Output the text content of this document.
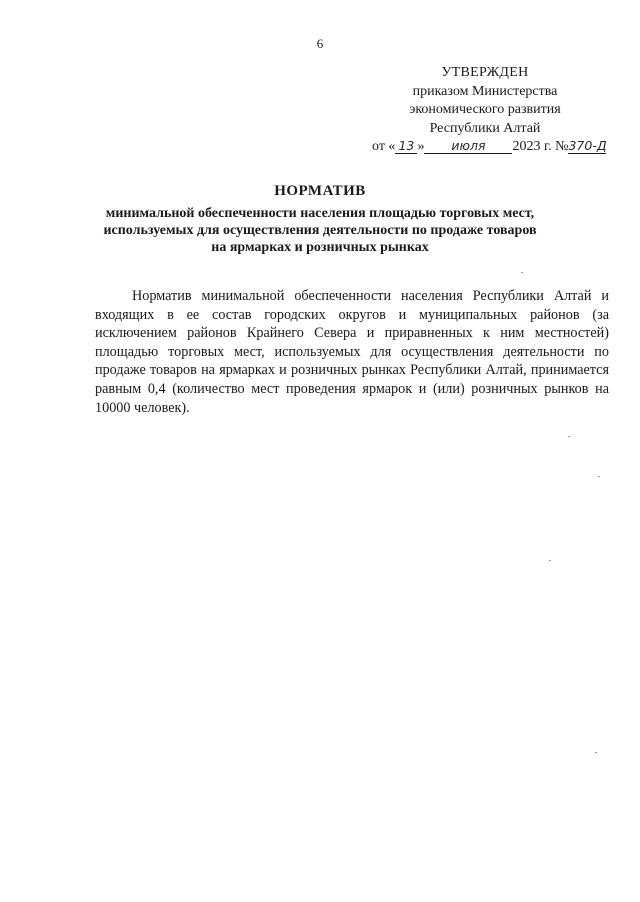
6
УТВЕРЖДЕН
приказом Министерства
экономического развития
Республики Алтай
от « 13 » июля 2023 г. №370-Д
НОРМАТИВ
минимальной обеспеченности населения площадью торговых мест,
используемых для осуществления деятельности по продаже товаров
на ярмарках и розничных рынках
Норматив минимальной обеспеченности населения Республики Алтай и входящих в ее состав городских округов и муниципальных районов (за исключением районов Крайнего Севера и приравненных к ним местностей) площадью торговых мест, используемых для осуществления деятельности по продаже товаров на ярмарках и розничных рынках Республики Алтай, принимается равным 0,4 (количество мест проведения ярмарок и (или) розничных рынков на 10000 человек).
